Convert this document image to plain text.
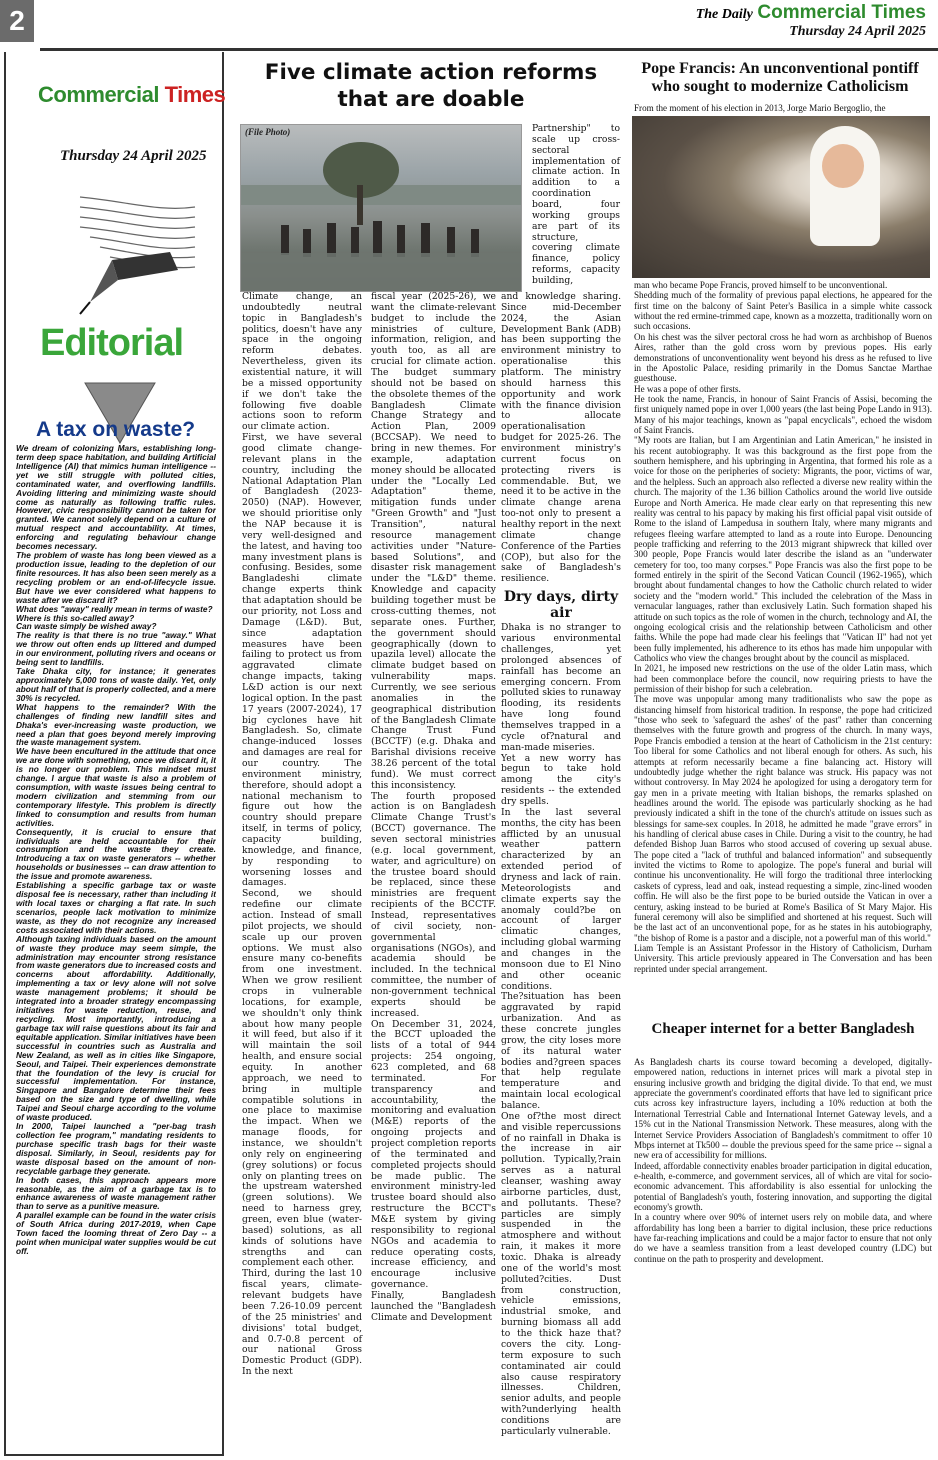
2	The Daily Commercial Times
Thursday 24 April 2025
Commercial Times
Thursday 24 April 2025
Editorial
A tax on waste?

We dream of colonizing Mars, establishing long-term deep space habitation, and building Artificial Intelligence (AI) that mimics human intelligence -- yet we still struggle with polluted cities, contaminated water, and overflowing landfills. Avoiding littering and minimizing waste should come as naturally as following traffic rules. However, civic responsibility cannot be taken for granted. We cannot solely depend on a culture of mutual respect and accountability. At times, enforcing and regulating behaviour change becomes necessary.

The problem of waste has long been viewed as a production issue, leading to the depletion of our finite resources. It has also been seen merely as a recycling problem or an end-of-lifecycle issue. But have we ever considered what happens to waste after we discard it?

What does "away" really mean in terms of waste?

Where is this so-called away?

Can waste simply be wished away?

The reality is that there is no true "away." What we throw out often ends up littered and dumped in our environment, polluting rivers and oceans or being sent to landfills.

Take Dhaka city, for instance; it generates approximately 5,000 tons of waste daily. Yet, only about half of that is properly collected, and a mere 30% is recycled.

What happens to the remainder? With the challenges of finding new landfill sites and Dhaka's ever-increasing waste production, we need a plan that goes beyond merely improving the waste management system.

We have been encultured in the attitude that once we are done with something, once we discard it, it is no longer our problem. This mindset must change. I argue that waste is also a problem of consumption, with waste issues being central to modern civilization and stemming from our contemporary lifestyle. This problem is directly linked to consumption and results from human activities.

Consequently, it is crucial to ensure that individuals are held accountable for their consumption and the waste they create. Introducing a tax on waste generators -- whether households or businesses -- can draw attention to the issue and promote awareness.

Establishing a specific garbage tax or waste disposal fee is necessary, rather than including it with local taxes or charging a flat rate. In such scenarios, people lack motivation to minimize waste, as they do not recognize any increased costs associated with their actions.

Although taxing individuals based on the amount of waste they produce may seem simple, the administration may encounter strong resistance from waste generators due to increased costs and concerns about affordability. Additionally, implementing a tax or levy alone will not solve waste management problems; it should be integrated into a broader strategy encompassing initiatives for waste reduction, reuse, and recycling. Most importantly, introducing a garbage tax will raise questions about its fair and equitable application. Similar initiatives have been successful in countries such as Australia and New Zealand, as well as in cities like Singapore, Seoul, and Taipei. Their experiences demonstrate that the foundation of the levy is crucial for successful implementation. For instance, Singapore and Bangalore determine their fees based on the size and type of dwelling, while Taipei and Seoul charge according to the volume of waste produced.

In 2000, Taipei launched a "per-bag trash collection fee program," mandating residents to purchase specific trash bags for their waste disposal. Similarly, in Seoul, residents pay for waste disposal based on the amount of non-recyclable garbage they generate.

In both cases, this approach appears more reasonable, as the aim of a garbage tax is to enhance awareness of waste management rather than to serve as a punitive measure.

A parallel example can be found in the water crisis of South Africa during 2017-2019, when Cape Town faced the looming threat of Zero Day -- a point when municipal water supplies would be cut off.

Five climate action reforms that are doable
(File Photo)	Partnership" to scale up cross-sectoral implementation of climate action. In addition to a coordination board, four working groups are part of its structure, covering climate finance, policy reforms, capacity building,

Climate change, an undoubtedly neutral topic in Bangladesh's politics, doesn't have any space in the ongoing reform debates. Nevertheless, given its existential nature, it will be a missed opportunity if we don't take the following five doable actions soon to reform our climate action.

First, we have several good climate change-relevant plans in the country, including the National Adaptation Plan of Bangladesh (2023-2050) (NAP). However, we should prioritise only the NAP because it is very well-designed and the latest, and having too many investment plans is confusing. Besides, some Bangladeshi climate change experts think that adaptation should be our priority, not Loss and Damage (L&D). But, since adaptation measures have been failing to protect us from aggravated climate change impacts, taking L&D action is our next logical option. In the past 17 years (2007-2024), 17 big cyclones have hit Bangladesh. So, climate change-induced losses and damages are real for our country. The environment ministry, therefore, should adopt a national mechanism to figure out how the country should prepare itself, in terms of policy, capacity building, knowledge, and finance, by responding to worsening losses and damages.

Second, we should redefine our climate action. Instead of small pilot projects, we should scale up our proven options. We must also ensure many co-benefits from one investment. When we grow resilient crops in vulnerable locations, for example, we shouldn't only think about how many people it will feed, but also if it will maintain the soil health, and ensure social equity. In another approach, we need to bring in multiple compatible solutions in one place to maximise the impact. When we manage floods, for instance, we shouldn't only rely on engineering (grey solutions) or focus only on planting trees on the upstream watershed (green solutions). We need to harness grey, green, even blue (water-based) solutions, as all kinds of solutions have strengths and can complement each other.

Third, during the last 10 fiscal years, climate-relevant budgets have been 7.26-10.09 percent of the 25 ministries' and divisions' total budget, and 0.7-0.8 percent of our national Gross Domestic Product (GDP). In the next

fiscal year (2025-26), we want the climate-relevant budget to include the ministries of culture, information, religion, and youth too, as all are crucial for climate action. The budget summary should not be based on the obsolete themes of the Bangladesh Climate Change Strategy and Action Plan, 2009 (BCCSAP). We need to bring in new themes. For example, adaptation money should be allocated under the "Locally Led Adaptation" theme, mitigation funds under "Green Growth" and "Just Transition", natural resource management activities under "Nature-based Solutions", and disaster risk management under the "L&D" theme. Knowledge and capacity building together must be cross-cutting themes, not separate ones. Further, the government should geographically (down to upazila level) allocate the climate budget based on vulnerability maps. Currently, we see serious anomalies in the geographical distribution of the Bangladesh Climate Change Trust Fund (BCCTF) (e.g. Dhaka and Barishal divisions receive 38.26 percent of the total fund). We must correct this inconsistency.

The fourth proposed action is on Bangladesh Climate Change Trust's (BCCT) governance. The seven sectoral ministries (e.g. local government, water, and agriculture) on the trustee board should be replaced, since these ministries are frequent recipients of the BCCTF. Instead, representatives of civil society, non-governmental organisations (NGOs), and academia should be included. In the technical committee, the number of non-government technical experts should be increased.

On December 31, 2024, the BCCT uploaded the lists of a total of 944 projects: 254 ongoing, 623 completed, and 68 terminated. For transparency and accountability, the monitoring and evaluation (M&E) reports of the ongoing projects and project completion reports of the terminated and completed projects should be made public. The environment ministry-led trustee board should also restructure the BCCT's M&E system by giving responsibility to regional NGOs and academia to reduce operating costs, increase efficiency, and encourage inclusive governance.

Finally, Bangladesh launched the "Bangladesh Climate and Development

and knowledge sharing. Since mid-December 2024, the Asian Development Bank (ADB) has been supporting the environment ministry to operationalise this platform. The ministry should harness this opportunity and work with the finance division to allocate operationalisation budget for 2025-26. The environment ministry's current focus on protecting rivers is commendable. But, we need it to be active in the climate change arena too-not only to present a healthy report in the next climate change Conference of the Parties (COP), but also for the sake of Bangladesh's resilience.

Dry days, dirty air

Dhaka is no stranger to various environmental challenges, yet prolonged absences of rainfall has become an emerging concern. From polluted skies to runaway flooding, its residents have long found themselves trapped in a cycle of?natural and man-made miseries.

Yet a new worry has begun to take hold among the city's residents -- the extended dry spells.

In the last several months, the city has been afflicted by an unusual weather pattern characterized by an extended period of dryness and lack of rain. Meteorologists and climate experts say the anomaly could?be on account of larger climatic changes, including global warming and changes in the monsoon due to El Nino and other oceanic conditions.

The?situation has been aggravated by rapid urbanization. And as these concrete jungles grow, the city loses more of its natural water bodies and?green spaces that help regulate temperature and maintain local ecological balance.

One of?the most direct and visible repercussions of no rainfall in Dhaka is the increase in air pollution. Typically,?rain serves as a natural cleanser, washing away airborne particles, dust, and pollutants. These?particles are simply suspended in the atmosphere and without rain, it makes it more toxic. Dhaka is already one of the world's most polluted?cities. Dust from construction, vehicle emissions, industrial smoke, and burning biomass all add to the thick haze that?covers the city. Long-term exposure to such contaminated air could also cause respiratory illnesses. Children, senior adults, and people with?underlying health conditions are particularly vulnerable.

Pope Francis: An unconventional pontiff who sought to modernize Catholicism
From the moment of his election in 2013, Jorge Mario Bergoglio, the

man who became Pope Francis, proved himself to be unconventional.

Shedding much of the formality of previous papal elections, he appeared for the first time on the balcony of Saint Peter's Basilica in a simple white cassock without the red ermine-trimmed cape, known as a mozzetta, traditionally worn on such occasions.

On his chest was the silver pectoral cross he had worn as archbishop of Buenos Aires, rather than the gold cross worn by previous popes. His early demonstrations of unconventionality went beyond his dress as he refused to live in the Apostolic Palace, residing primarily in the Domus Sanctae Marthae guesthouse.

He was a pope of other firsts.

He took the name, Francis, in honour of Saint Francis of Assisi, becoming the first uniquely named pope in over 1,000 years (the last being Pope Lando in 913). Many of his major teachings, known as "papal encyclicals", echoed the wisdom of Saint Francis.

"My roots are Italian, but I am Argentinian and Latin American," he insisted in his recent autobiography. It was this background as the first pope from the southern hemisphere, and his upbringing in Argentina, that formed his role as a voice for those on the peripheries of society: Migrants, the poor, victims of war, and the helpless. Such an approach also reflected a diverse new reality within the church. The majority of the 1.36 billion Catholics around the world live outside Europe and North America. He made clear early on that representing this new reality was central to his papacy by making his first official papal visit outside of Rome to the island of Lampedusa in southern Italy, where many migrants and refugees fleeing warfare attempted to land as a route into Europe. Denouncing people trafficking and referring to the 2013 migrant shipwreck that killed over 300 people, Pope Francis would later describe the island as an "underwater cemetery for too, too many corpses." Pope Francis was also the first pope to be formed entirely in the spirit of the Second Vatican Council (1962-1965), which brought about fundamental changes to how the Catholic church related to wider society and the "modern world." This included the celebration of the Mass in vernacular languages, rather than exclusively Latin. Such formation shaped his attitude on such topics as the role of women in the church, technology and AI, the ongoing ecological crisis and the relationship between Catholicism and other faiths. While the pope had made clear his feelings that "Vatican II" had not yet been fully implemented, his adherence to its ethos has made him unpopular with Catholics who view the changes brought about by the council as misplaced.

In 2021, he imposed new restrictions on the use of the older Latin mass, which had been commonplace before the council, now requiring priests to have the permission of their bishop for such a celebration.

The move was unpopular among many traditionalists who saw the pope as distancing himself from historical tradition. In response, the pope had criticized "those who seek to 'safeguard the ashes' of the past" rather than concerning themselves with the future growth and progress of the church. In many ways, Pope Francis embodied a tension at the heart of Catholicism in the 21st century: Too liberal for some Catholics and not liberal enough for others. As such, his attempts at reform necessarily became a fine balancing act. History will undoubtedly judge whether the right balance was struck. His papacy was not without controversy. In May 2024 he apologized for using a derogatory term for gay men in a private meeting with Italian bishops, the remarks splashed on headlines around the world. The episode was particularly shocking as he had previously indicated a shift in the tone of the church's attitude on issues such as blessings for same-sex couples. In 2018, he admitted he made "grave errors" in his handling of clerical abuse cases in Chile. During a visit to the country, he had defended Bishop Juan Barros who stood accused of covering up sexual abuse. The pope cited a "lack of truthful and balanced information" and subsequently invited the victims to Rome to apologize. The pope's funeral and burial will continue his unconventionality. He will forgo the traditional three interlocking caskets of cypress, lead and oak, instead requesting a simple, zinc-lined wooden coffin. He will also be the first pope to be buried outside the Vatican in over a century, asking instead to be buried at Rome's Basilica of St Mary Major. His funeral ceremony will also be simplified and shortened at his request. Such will be the last act of an unconventional pope, for as he states in his autobiography, "the bishop of Rome is a pastor and a disciple, not a powerful man of this world."

Liam Temple is an Assistant Professor in the History of Catholicism, Durham University. This article previously appeared in The Conversation and has been reprinted under special arrangement.

Cheaper internet for a better Bangladesh

As Bangladesh charts its course toward becoming a developed, digitally-empowered nation, reductions in internet prices will mark a pivotal step in ensuring inclusive growth and bridging the digital divide. To that end, we must appreciate the government's coordinated efforts that have led to significant price cuts across key infrastructure layers, including a 10% reduction at both the International Terrestrial Cable and International Internet Gateway levels, and a 15% cut in the National Transmission Network. These measures, along with the Internet Service Providers Association of Bangladesh's commitment to offer 10 Mbps internet at Tk500 -- double the previous speed for the same price -- signal a new era of accessibility for millions.

Indeed, affordable connectivity enables broader participation in digital education, e-health, e-commerce, and government services, all of which are vital for socio-economic advancement. This affordability is also essential for unlocking the potential of Bangladesh's youth, fostering innovation, and supporting the digital economy's growth.

In a country where over 90% of internet users rely on mobile data, and where affordability has long been a barrier to digital inclusion, these price reductions have far-reaching implications and could be a major factor to ensure that not only do we have a seamless transition from a least developed country (LDC) but continue on the path to prosperity and development.
